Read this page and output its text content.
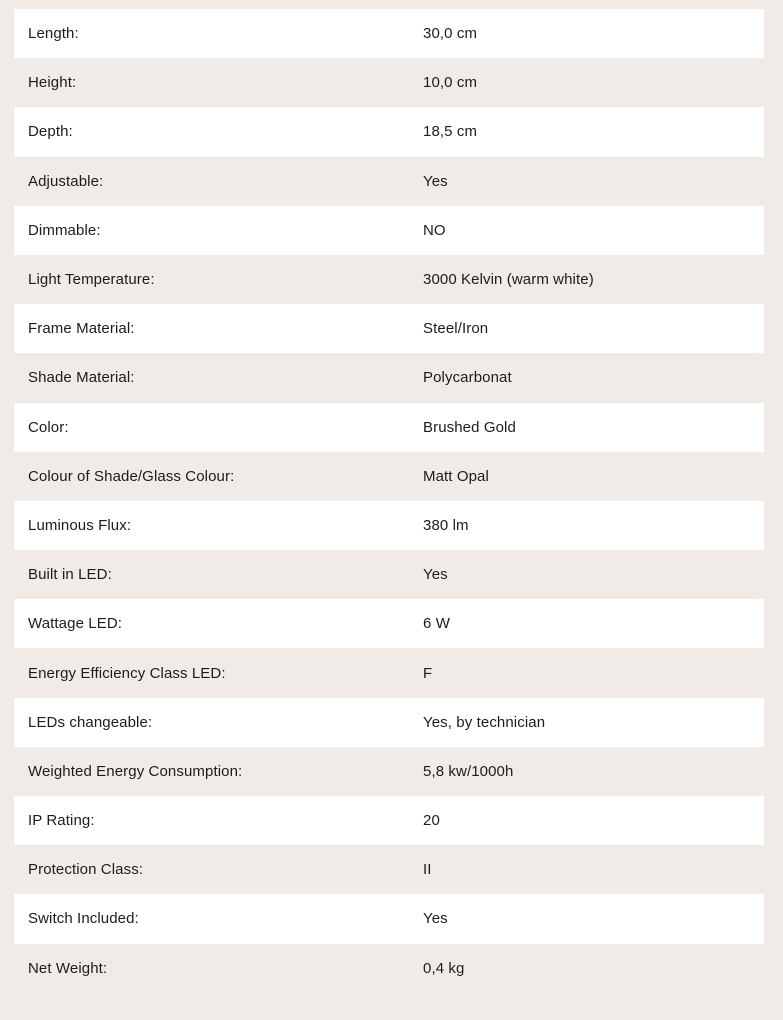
Length:	30,0 cm
Height:	10,0 cm
Depth:	18,5 cm
Adjustable:	Yes
Dimmable:	NO
Light Temperature:	3000 Kelvin (warm white)
Frame Material:	Steel/Iron
Shade Material:	Polycarbonat
Color:	Brushed Gold
Colour of Shade/Glass Colour:	Matt Opal
Luminous Flux:	380 lm
Built in LED:	Yes
Wattage LED:	6 W
Energy Efficiency Class LED:	F
LEDs changeable:	Yes, by technician
Weighted Energy Consumption:	5,8 kw/1000h
IP Rating:	20
Protection Class:	II
Switch Included:	Yes
Net Weight:	0,4 kg
